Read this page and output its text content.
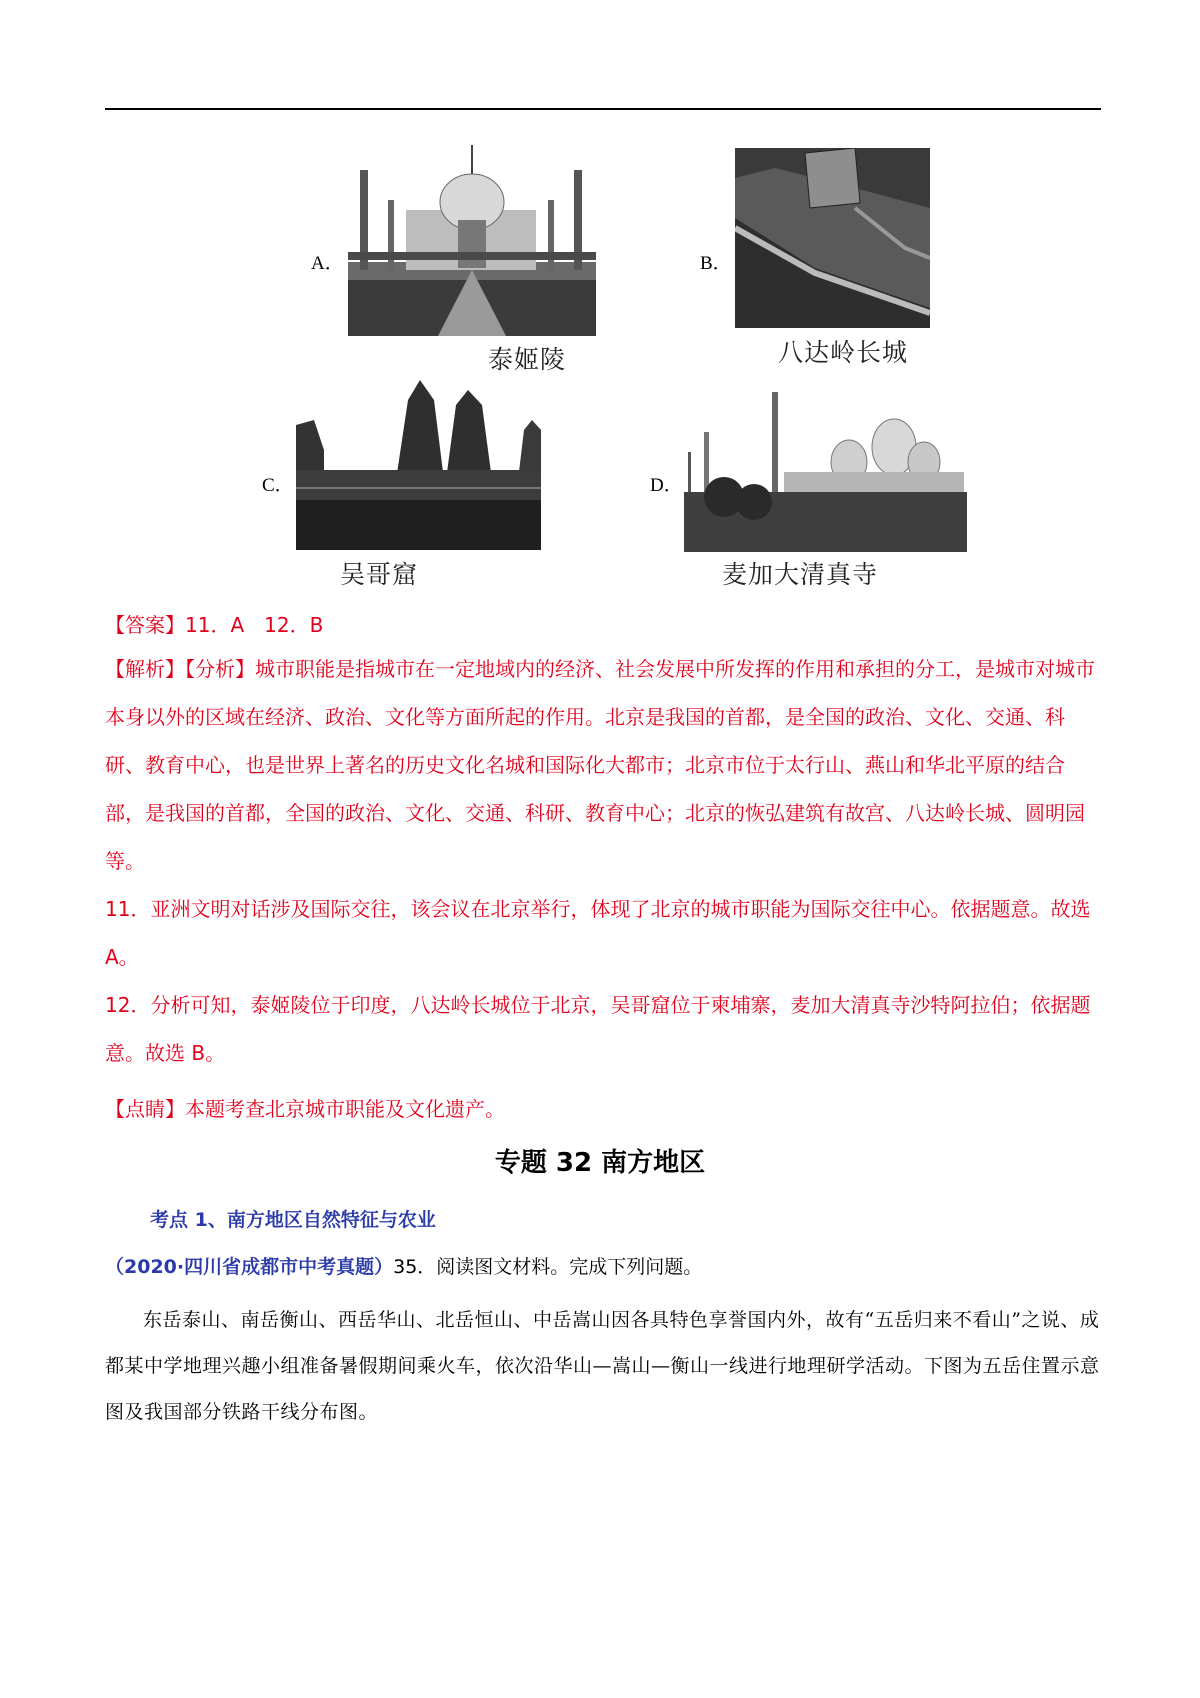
A．
泰姬陵
B．
八达岭长城
C．
吴哥窟
D．
麦加大清真寺
【答案】11．A　12．B
【解析】【分析】城市职能是指城市在一定地域内的经济、社会发展中所发挥的作用和承担的分工，是城市对城市本身以外的区域在经济、政治、文化等方面所起的作用。北京是我国的首都，是全国的政治、文化、交通、科研、教育中心，也是世界上著名的历史文化名城和国际化大都市；北京市位于太行山、燕山和华北平原的结合部，是我国的首都，全国的政治、文化、交通、科研、教育中心；北京的恢弘建筑有故宫、八达岭长城、圆明园等。
11．亚洲文明对话涉及国际交往，该会议在北京举行，体现了北京的城市职能为国际交往中心。依据题意。故选 A。
12．分析可知，泰姬陵位于印度，八达岭长城位于北京，吴哥窟位于柬埔寨，麦加大清真寺沙特阿拉伯；依据题意。故选 B。
【点睛】本题考查北京城市职能及文化遗产。
专题 32 南方地区
考点 1、南方地区自然特征与农业
（2020·四川省成都市中考真题）35．阅读图文材料。完成下列问题。
东岳泰山、南岳衡山、西岳华山、北岳恒山、中岳嵩山因各具特色享誉国内外，故有“五岳归来不看山”之说、成都某中学地理兴趣小组准备暑假期间乘火车，依次沿华山—嵩山—衡山一线进行地理研学活动。下图为五岳住置示意图及我国部分铁路干线分布图。
